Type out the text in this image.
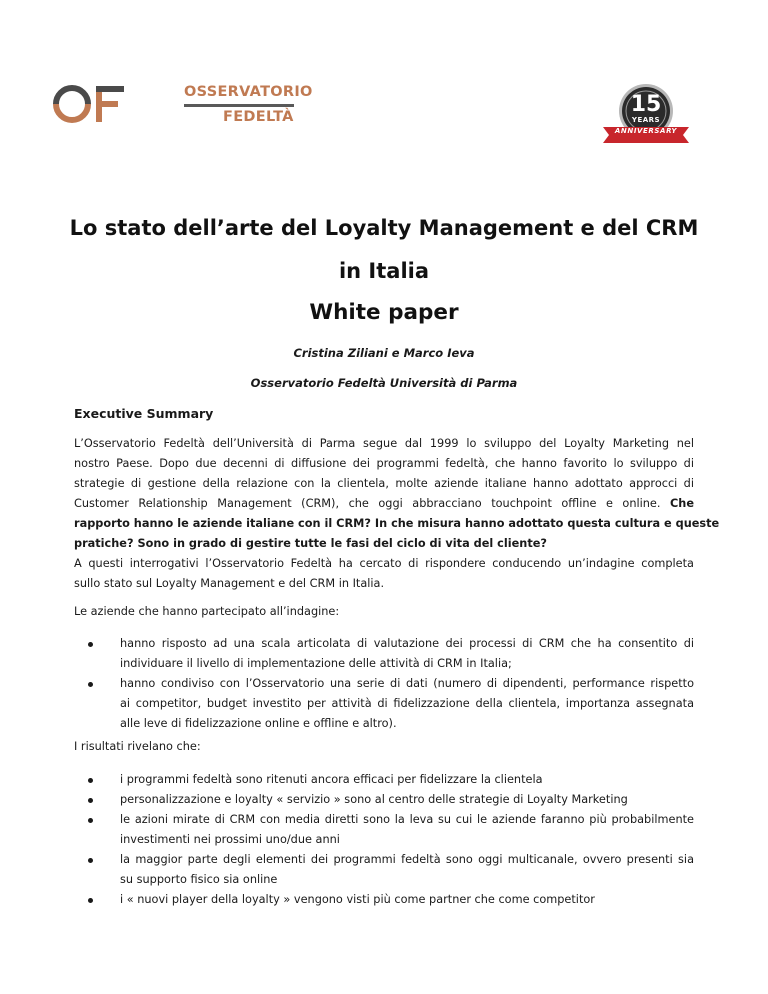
OSSERVATORIO
FEDELTÀ	15
YEARS
ANNIVERSARY
Lo stato dell’arte del Loyalty Management e del CRM
in Italia
White paper
Cristina Ziliani e Marco Ieva
Osservatorio Fedeltà Università di Parma
Executive Summary
L’Osservatorio Fedeltà dell’Università di Parma segue dal 1999 lo sviluppo del Loyalty Marketing nel
nostro Paese. Dopo due decenni di diffusione dei programmi fedeltà, che hanno favorito lo sviluppo di
strategie di gestione della relazione con la clientela, molte aziende italiane hanno adottato approcci di
Customer Relationship Management (CRM), che oggi abbracciano touchpoint offline e online. Che
rapporto hanno le aziende italiane con il CRM? In che misura hanno adottato questa cultura e queste
pratiche? Sono in grado di gestire tutte le fasi del ciclo di vita del cliente?
A questi interrogativi l’Osservatorio Fedeltà ha cercato di rispondere conducendo un’indagine completa
sullo stato sul Loyalty Management e del CRM in Italia.
Le aziende che hanno partecipato all’indagine:
hanno risposto ad una scala articolata di valutazione dei processi di CRM che ha consentito di
individuare il livello di implementazione delle attività di CRM in Italia;
hanno condiviso con l’Osservatorio una serie di dati (numero di dipendenti, performance rispetto
ai competitor, budget investito per attività di fidelizzazione della clientela, importanza assegnata
alle leve di fidelizzazione online e offline e altro).
I risultati rivelano che:
i programmi fedeltà sono ritenuti ancora efficaci per fidelizzare la clientela
personalizzazione e loyalty « servizio » sono al centro delle strategie di Loyalty Marketing
le azioni mirate di CRM con media diretti sono la leva su cui le aziende faranno più probabilmente
investimenti nei prossimi uno/due anni
la maggior parte degli elementi dei programmi fedeltà sono oggi multicanale, ovvero presenti sia
su supporto fisico sia online
i « nuovi player della loyalty » vengono visti più come partner che come competitor
